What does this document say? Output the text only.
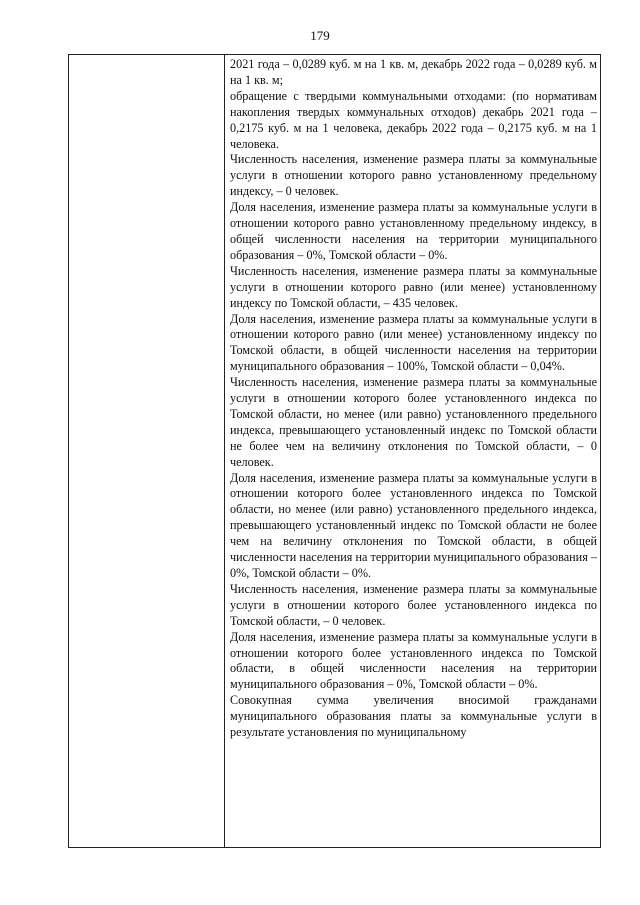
179

2021 года – 0,0289 куб. м на 1 кв. м, декабрь 2022 года – 0,0289 куб. м на 1 кв. м;

обращение с твердыми коммунальными отходами: (по нормативам накопления твердых коммунальных отходов) декабрь 2021 года – 0,2175 куб. м на 1 человека, декабрь 2022 года – 0,2175 куб. м на 1 человека.

Численность населения, изменение размера платы за коммунальные услуги в отношении которого равно установленному предельному индексу, – 0 человек.

Доля населения, изменение размера платы за коммунальные услуги в отношении которого равно установленному предельному индексу, в общей численности населения на территории муниципального образования – 0%, Томской области – 0%.

Численность населения, изменение размера платы за коммунальные услуги в отношении которого равно (или менее) установленному индексу по Томской области, – 435 человек.

Доля населения, изменение размера платы за коммунальные услуги в отношении которого равно (или менее) установленному индексу по Томской области, в общей численности населения на территории муниципального образования – 100%, Томской области – 0,04%.

Численность населения, изменение размера платы за коммунальные услуги в отношении которого более установленного индекса по Томской области, но менее (или равно) установленного предельного индекса, превышающего установленный индекс по Томской области не более чем на величину отклонения по Томской области, – 0 человек.

Доля населения, изменение размера платы за коммунальные услуги в отношении которого более установленного индекса по Томской области, но менее (или равно) установленного предельного индекса, превышающего установленный индекс по Томской области не более чем на величину отклонения по Томской области, в общей численности населения на территории муниципального образования – 0%, Томской области – 0%.

Численность населения, изменение размера платы за коммунальные услуги в отношении которого более установленного индекса по Томской области, – 0 человек.

Доля населения, изменение размера платы за коммунальные услуги в отношении которого более установленного индекса по Томской области, в общей численности населения на территории муниципального образования – 0%, Томской области – 0%.

Совокупная сумма увеличения вносимой гражданами муниципального образования платы за коммунальные услуги в результате установления по муниципальному
